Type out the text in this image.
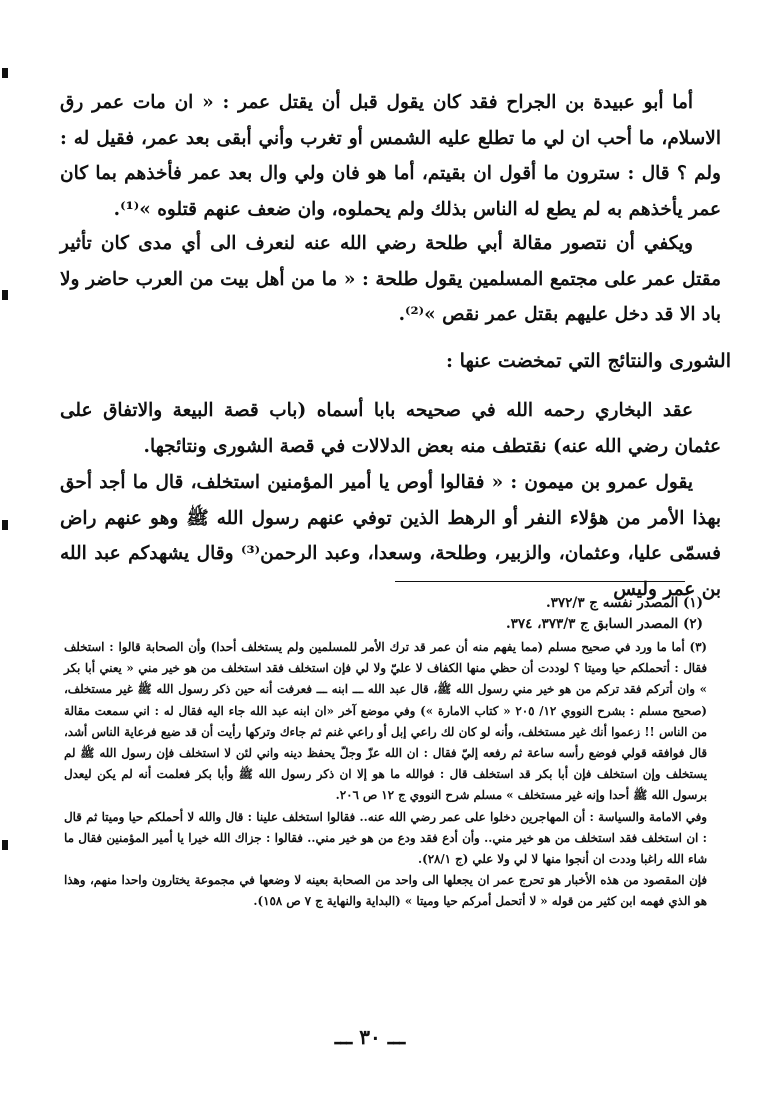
أما أبو عبيدة بن الجراح فقد كان يقول قبل أن يقتل عمر : « ان مات عمر رق الاسلام، ما أحب ان لي ما تطلع عليه الشمس أو تغرب وأني أبقى بعد عمر، فقيل له : ولم ؟ قال : سترون ما أقول ان بقيتم، أما هو فان ولي وال بعد عمر فأخذهم بما كان عمر يأخذهم به لم يطع له الناس بذلك ولم يحملوه، وان ضعف عنهم قتلوه »⁽¹⁾.
ويكفي أن نتصور مقالة أبي طلحة رضي الله عنه لنعرف الى أي مدى كان تأثير مقتل عمر على مجتمع المسلمين يقول طلحة : « ما من أهل بيت من العرب حاضر ولا باد الا قد دخل عليهم بقتل عمر نقص »⁽²⁾.
الشورى والنتائج التي تمخضت عنها :
عقد البخاري رحمه الله في صحيحه بابا أسماه (باب قصة البيعة والاتفاق على عثمان رضي الله عنه) نقتطف منه بعض الدلالات في قصة الشورى ونتائجها.
يقول عمرو بن ميمون : « فقالوا أوص يا أمير المؤمنين استخلف، قال ما أجد أحق بهذا الأمر من هؤلاء النفر أو الرهط الذين توفي عنهم رسول الله ﷺ وهو عنهم راض فسمّى عليا، وعثمان، والزبير، وطلحة، وسعدا، وعبد الرحمن⁽³⁾ وقال يشهدكم عبد الله بن عمر وليس
(١) المصدر نفسه ج ٣٧٢/٣.
(٢) المصدر السابق ج ٣٧٣/٣، ٣٧٤.
(٣) أما ما ورد في صحيح مسلم (مما يفهم منه أن عمر قد ترك الأمر للمسلمين ولم يستخلف أحدا) وأن الصحابة قالوا : استخلف فقال : أتحملكم حيا وميتا ؟ لوددت أن حظي منها الكفاف لا عليّ ولا لي فإن استخلف فقد استخلف من هو خير مني « يعني أبا بكر » وان أتركم فقد تركم من هو خير مني رسول الله ﷺ، قال عبد الله ـــ ابنه ـــ فعرفت أنه حين ذكر رسول الله ﷺ غير مستخلف، (صحيح مسلم : بشرح النووي ١٢/ ٢٠٥ « كتاب الامارة ») وفي موضع آخر «ان ابنه عبد الله جاء اليه فقال له : اني سمعت مقالة من الناس !! زعموا أنك غير مستخلف، وأنه لو كان لك راعي إبل أو راعي غنم ثم جاءك وتركها رأيت أن قد ضيع فرعاية الناس أشد، قال فوافقه قولي فوضع رأسه ساعة ثم رفعه إليّ فقال : ان الله عزّ وجلّ يحفظ دينه واني لئن لا استخلف فإن رسول الله ﷺ لم يستخلف وإن استخلف فإن أبا بكر قد استخلف قال : فوالله ما هو إلا ان ذكر رسول الله ﷺ وأبا بكر فعلمت أنه لم يكن ليعدل برسول الله ﷺ أحدا وإنه غير مستخلف » مسلم شرح النووي ج ١٢ ص ٢٠٦.
وفي الامامة والسياسة : أن المهاجرين دخلوا على عمر رضي الله عنه.. فقالوا استخلف علينا : قال والله لا أحملكم حيا وميتا ثم قال : ان استخلف فقد استخلف من هو خير مني.. وأن أدع فقد ودع من هو خير مني.. فقالوا : جزاك الله خيرا يا أمير المؤمنين فقال ما شاء الله راغبا وددت ان أنجوا منها لا لي ولا علي (ج ٢٨/١).
فإن المقصود من هذه الأخبار هو تحرج عمر ان يجعلها الى واحد من الصحابة بعينه لا وضعها في مجموعة يختارون واحدا منهم، وهذا هو الذي فهمه ابن كثير من قوله « لا أتحمل أمركم حيا وميتا » (البداية والنهاية ج ٧ ص ١٥٨).
ـــ ٣٠ ـــ
